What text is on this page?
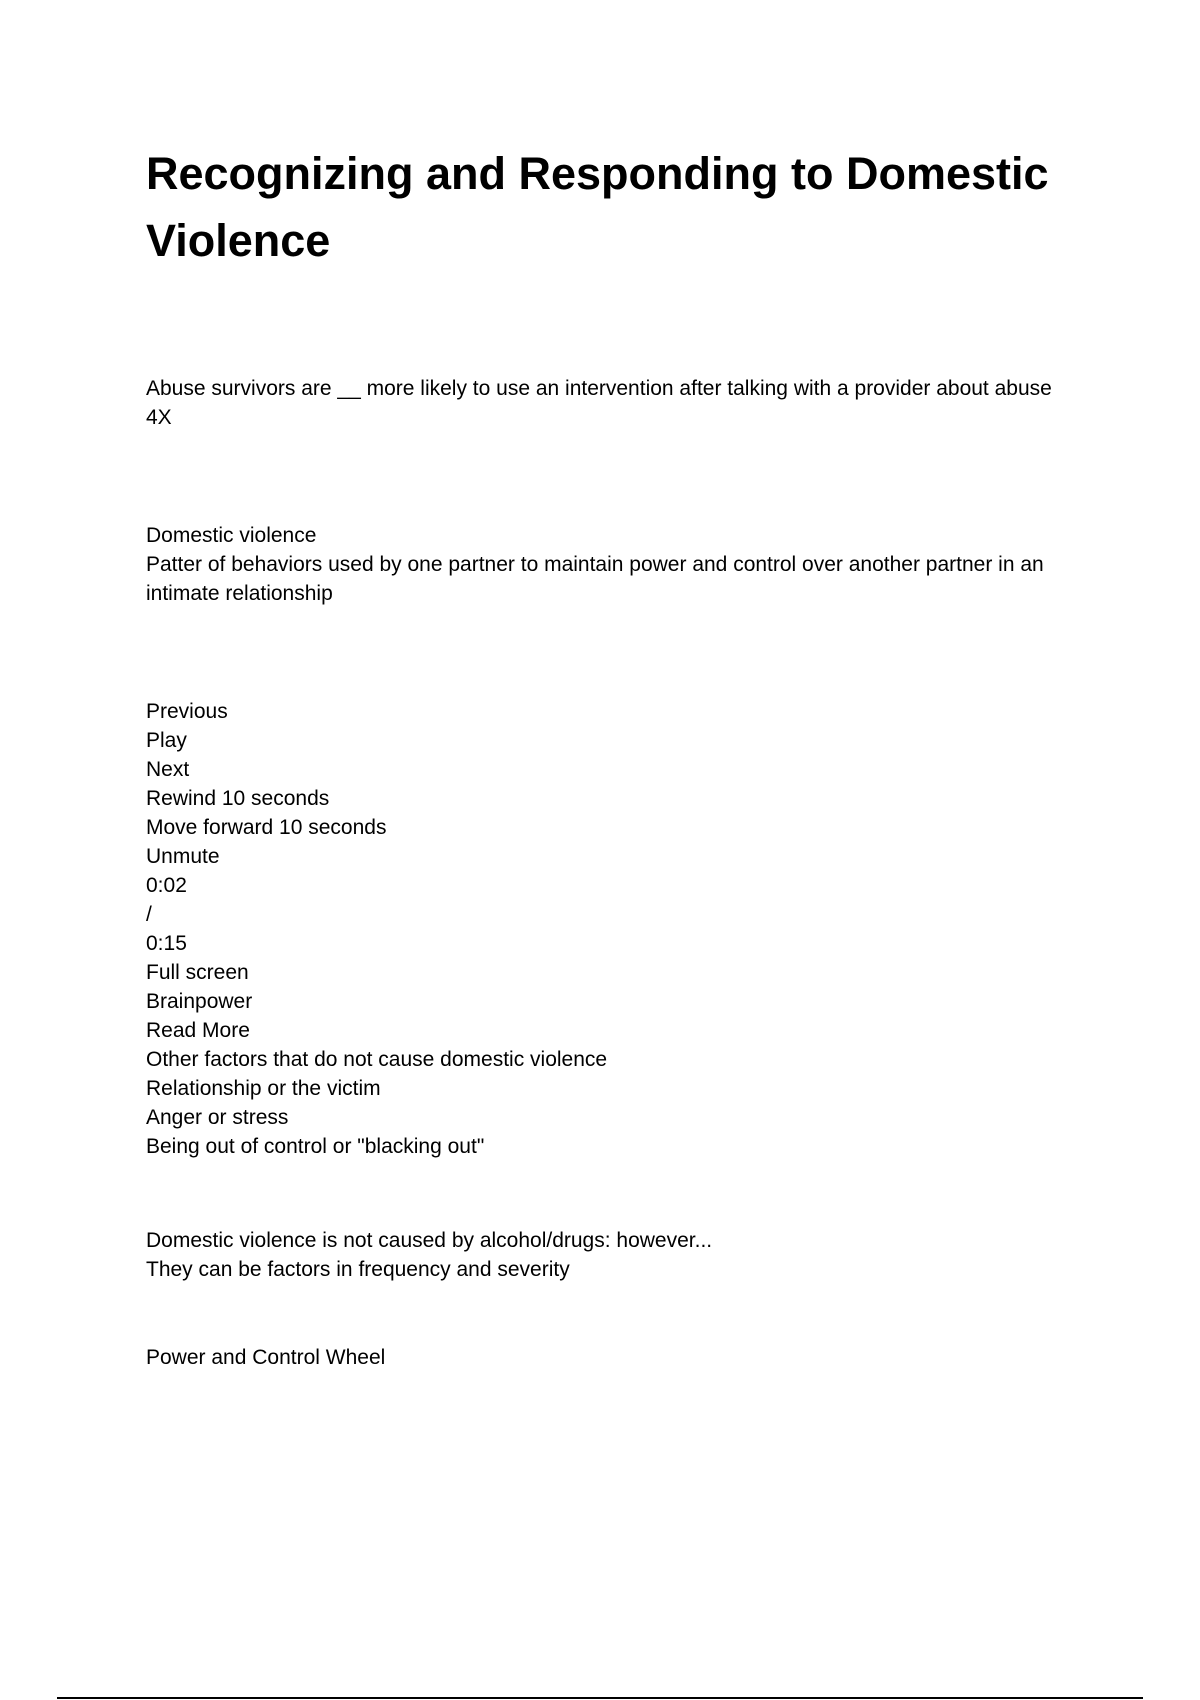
Recognizing and Responding to Domestic Violence
Abuse survivors are __ more likely to use an intervention after talking with a provider about abuse
4X
Domestic violence
Patter of behaviors used by one partner to maintain power and control over another partner in an intimate relationship
Previous
Play
Next
Rewind 10 seconds
Move forward 10 seconds
Unmute
0:02
/
0:15
Full screen
Brainpower
Read More
Other factors that do not cause domestic violence
Relationship or the victim
Anger or stress
Being out of control or "blacking out"
Domestic violence is not caused by alcohol/drugs: however...
They can be factors in frequency and severity
Power and Control Wheel
